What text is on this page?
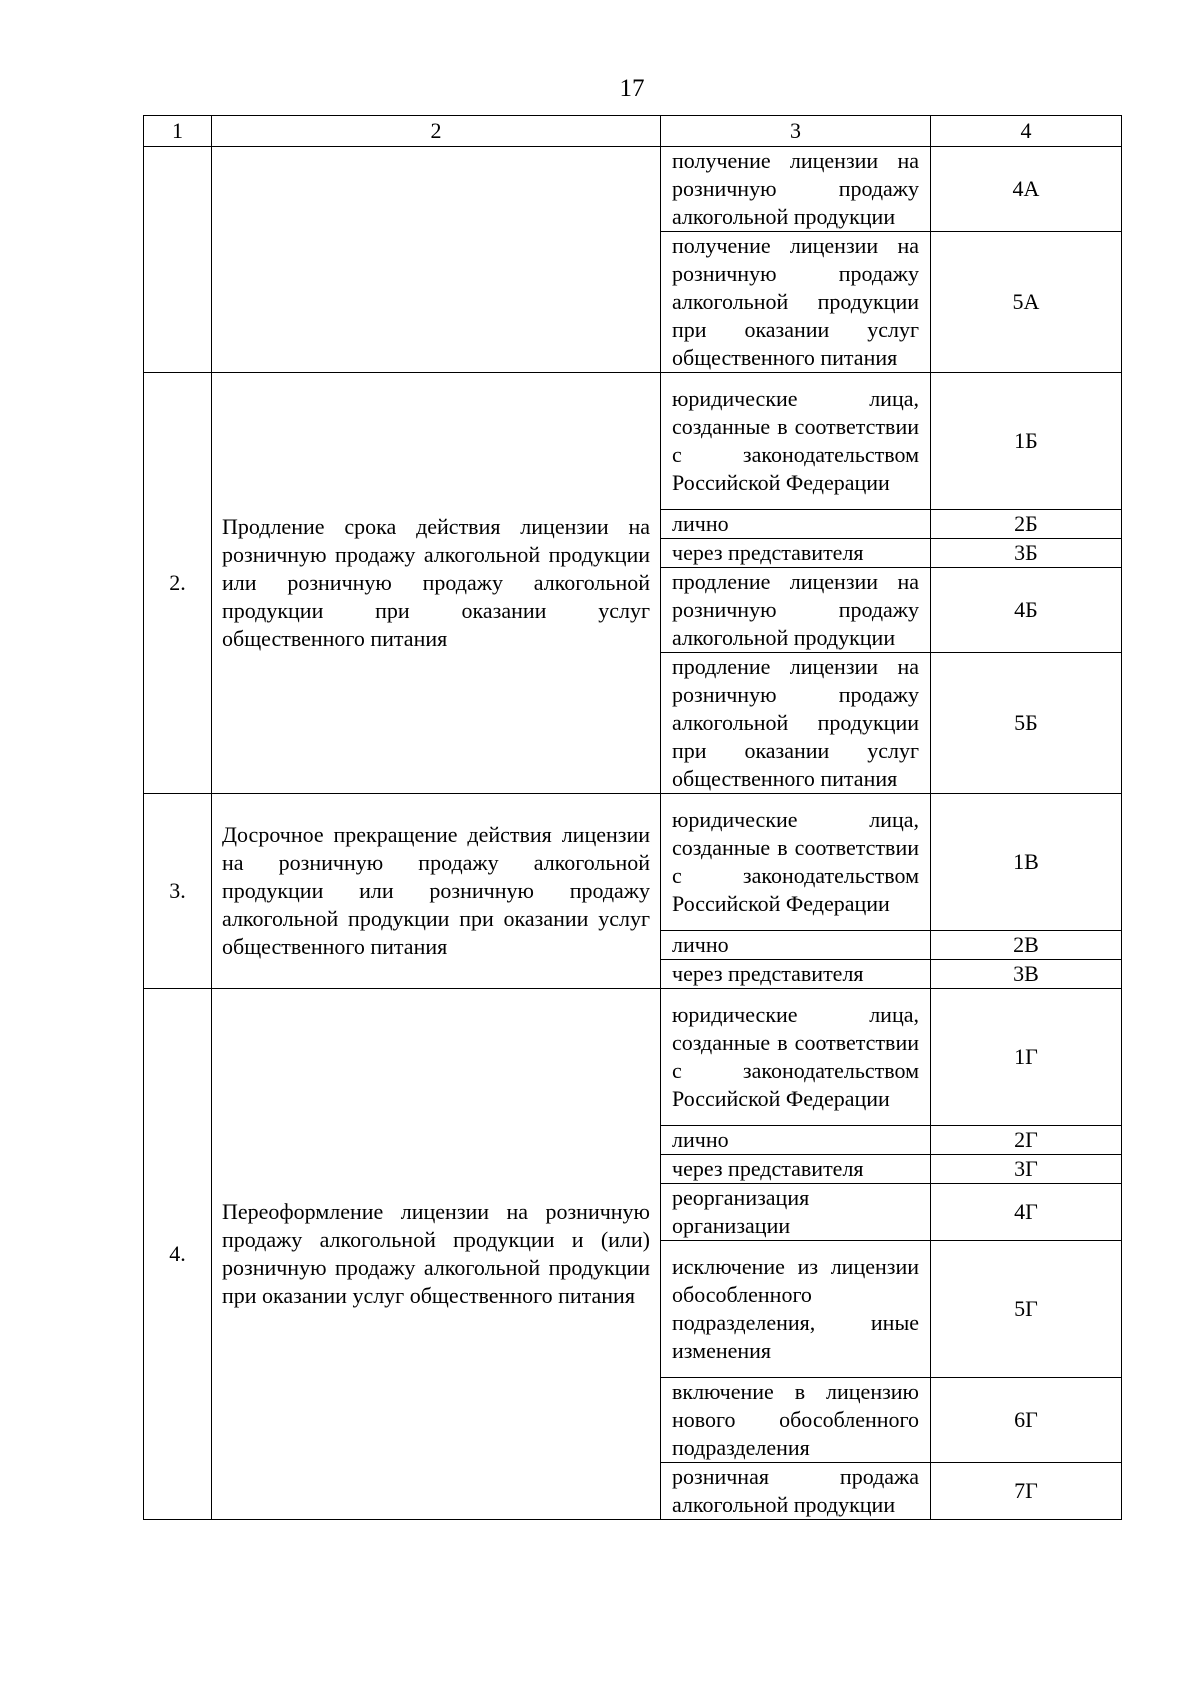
17
1	2	3	4
		получение лицензии на розничную продажу алкогольной продукции	4А
		получение лицензии на розничную продажу алкогольной продукции при оказании услуг общественного питания	5А
2.	Продление срока действия лицензии на розничную продажу алкогольной продукции или розничную продажу алкогольной продукции при оказании услуг общественного питания	юридические лица, созданные в соответствии с законодательством Российской Федерации	1Б
		лично	2Б
		через представителя	3Б
		продление лицензии на розничную продажу алкогольной продукции	4Б
		продление лицензии на розничную продажу алкогольной продукции при оказании услуг общественного питания	5Б
3.	Досрочное прекращение действия лицензии на розничную продажу алкогольной продукции или розничную продажу алкогольной продукции при оказании услуг общественного питания	юридические лица, созданные в соответствии с законодательством Российской Федерации	1В
		лично	2В
		через представителя	3В
4.	Переоформление лицензии на розничную продажу алкогольной продукции и (или) розничную продажу алкогольной продукции при оказании услуг общественного питания	юридические лица, созданные в соответствии с законодательством Российской Федерации	1Г
		лично	2Г
		через представителя	3Г
		реорганизация организации	4Г
		исключение из лицензии обособленного подразделения, иные изменения	5Г
		включение в лицензию нового обособленного подразделения	6Г
		розничная продажа алкогольной продукции	7Г
